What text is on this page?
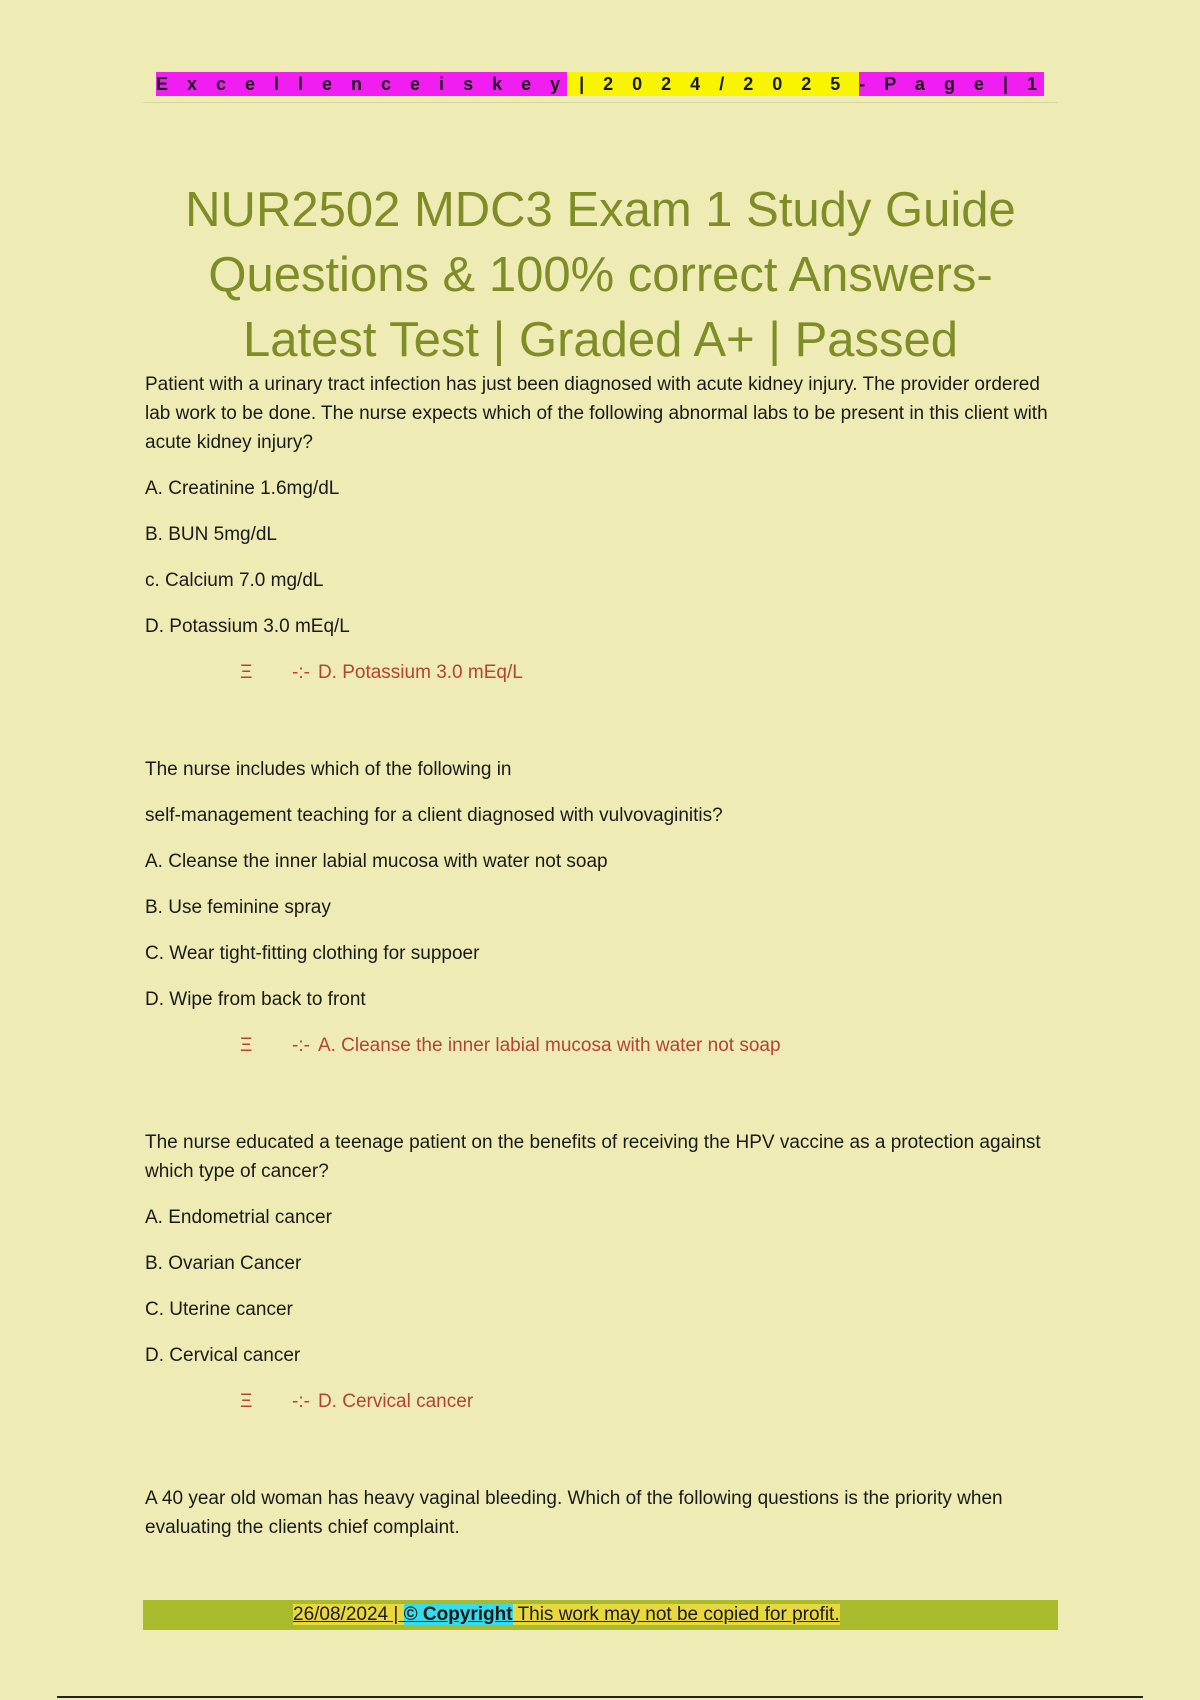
E x c e l l e n c e i s k e y | 2 0 2 4 / 2 0 2 5 - P a g e | 1
NUR2502 MDC3 Exam 1 Study Guide Questions & 100% correct Answers- Latest Test | Graded A+ | Passed

Patient with a urinary tract infection has just been diagnosed with acute kidney injury. The provider ordered lab work to be done. The nurse expects which of the following abnormal labs to be present in this client with acute kidney injury?

A. Creatinine 1.6mg/dL
B. BUN 5mg/dL
c. Calcium 7.0 mg/dL
D. Potassium 3.0 mEq/L
Ξ -:- D. Potassium 3.0 mEq/L

The nurse includes which of the following in

self-management teaching for a client diagnosed with vulvovaginitis?
A. Cleanse the inner labial mucosa with water not soap
B. Use feminine spray
C. Wear tight-fitting clothing for suppoer
D. Wipe from back to front
Ξ -:- A. Cleanse the inner labial mucosa with water not soap

The nurse educated a teenage patient on the benefits of receiving the HPV vaccine as a protection against which type of cancer?

A. Endometrial cancer
B. Ovarian Cancer
C. Uterine cancer
D. Cervical cancer
Ξ -:- D. Cervical cancer

A 40 year old woman has heavy vaginal bleeding. Which of the following questions is the priority when evaluating the clients chief complaint.

26/08/2024 | © Copyright This work may not be copied for profit.
